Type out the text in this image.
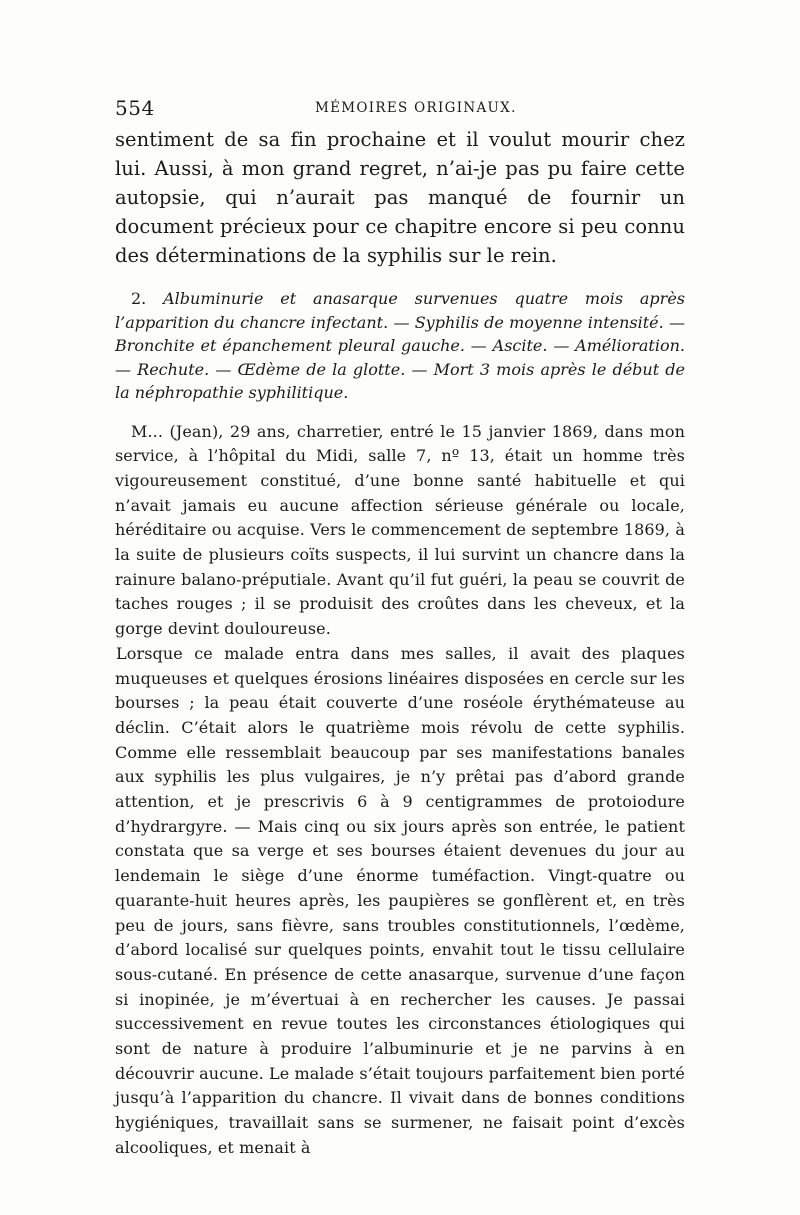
554	MÉMOIRES ORIGINAUX.

sentiment de sa fin prochaine et il voulut mourir chez lui. Aussi, à mon grand regret, n’ai-je pas pu faire cette autopsie, qui n’aurait pas manqué de fournir un document précieux pour ce chapitre encore si peu connu des déterminations de la syphilis sur le rein.

2. Albuminurie et anasarque survenues quatre mois après l’apparition du chancre infectant. — Syphilis de moyenne intensité. — Bronchite et épanchement pleural gauche. — Ascite. — Amélioration. — Rechute. — Œdème de la glotte. — Mort 3 mois après le début de la néphropathie syphilitique.

M... (Jean), 29 ans, charretier, entré le 15 janvier 1869, dans mon service, à l’hôpital du Midi, salle 7, nº 13, était un homme très vigoureusement constitué, d’une bonne santé habituelle et qui n’avait jamais eu aucune affection sérieuse générale ou locale, héréditaire ou acquise. Vers le commencement de septembre 1869, à la suite de plusieurs coïts suspects, il lui survint un chancre dans la rainure balano-préputiale. Avant qu’il fut guéri, la peau se couvrit de taches rouges ; il se produisit des croûtes dans les cheveux, et la gorge devint douloureuse.

Lorsque ce malade entra dans mes salles, il avait des plaques muqueuses et quelques érosions linéaires disposées en cercle sur les bourses ; la peau était couverte d’une roséole érythémateuse au déclin. C’était alors le quatrième mois révolu de cette syphilis. Comme elle ressemblait beaucoup par ses manifestations banales aux syphilis les plus vulgaires, je n’y prêtai pas d’abord grande attention, et je prescrivis 6 à 9 centigrammes de protoiodure d’hydrargyre. — Mais cinq ou six jours après son entrée, le patient constata que sa verge et ses bourses étaient devenues du jour au lendemain le siège d’une énorme tuméfaction. Vingt-quatre ou quarante-huit heures après, les paupières se gonflèrent et, en très peu de jours, sans fièvre, sans troubles constitutionnels, l’œdème, d’abord localisé sur quelques points, envahit tout le tissu cellulaire sous-cutané. En présence de cette anasarque, survenue d’une façon si inopinée, je m’évertuai à en rechercher les causes. Je passai successivement en revue toutes les circonstances étiologiques qui sont de nature à produire l’albuminurie et je ne parvins à en découvrir aucune. Le malade s’était toujours parfaitement bien porté jusqu’à l’apparition du chancre. Il vivait dans de bonnes conditions hygiéniques, travaillait sans se surmener, ne faisait point d’excès alcooliques, et menait à
